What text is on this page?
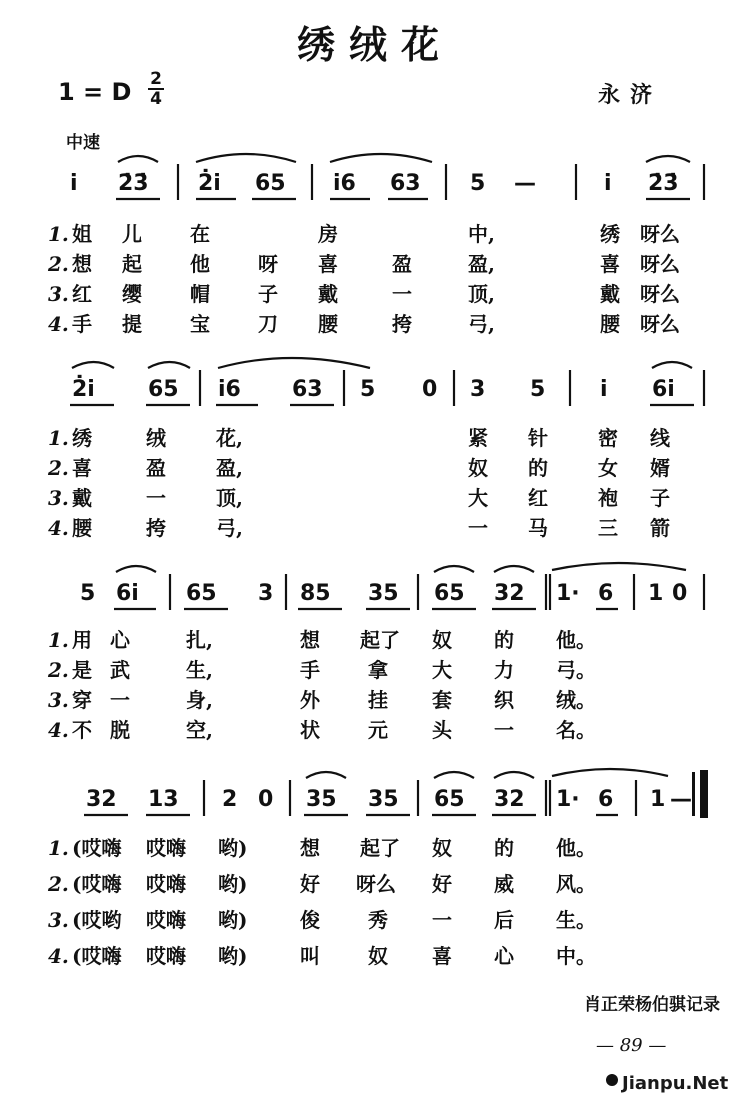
绣绒花
1 = D 2
4	永济
中速
i 2̇3̇ 2̇i 65 i6 63 5 —	i 2̇3̇
1. 姐 儿 在	房	中,	绣 呀么
2. 想 起 他 呀 喜	盈	盈,	喜 呀么
3. 红 缨 帽 子 戴	一	顶,	戴 呀么
4. 手 提 宝 刀 腰	挎	弓,	腰 呀么
2̇i 65 i6 63 5 0 3 5 i 6i
1. 绣	绒	花,	紧 针	密 线
2. 喜	盈	盈,	奴 的	女 婿
3. 戴	一	顶,	大 红	袍 子
4. 腰	挎	弓,	一 马	三 箭
5 6i 65 3 85 35 65 32 1· 6 1 0
1. 用 心	扎,	想 起了 奴 的 他。
2. 是 武	生,	手 拿 大 力 弓。
3. 穿 一	身,	外 挂 套 织 绒。
4. 不 脱	空,	状 元 头 一 名。
32 13 2 0 35 35 65 32 1· 6 1 —
1. (哎嗨 哎嗨 哟)	想 起了 奴 的 他。
2. (哎嗨 哎嗨 哟)	好 呀么 好 威 风。
3. (哎哟 哎嗨 哟)	俊 秀 一 后 生。
4. (哎嗨 哎嗨 哟)	叫 奴 喜 心 中。
肖正荣杨伯骐记录
— 89 —
Jianpu.Net
